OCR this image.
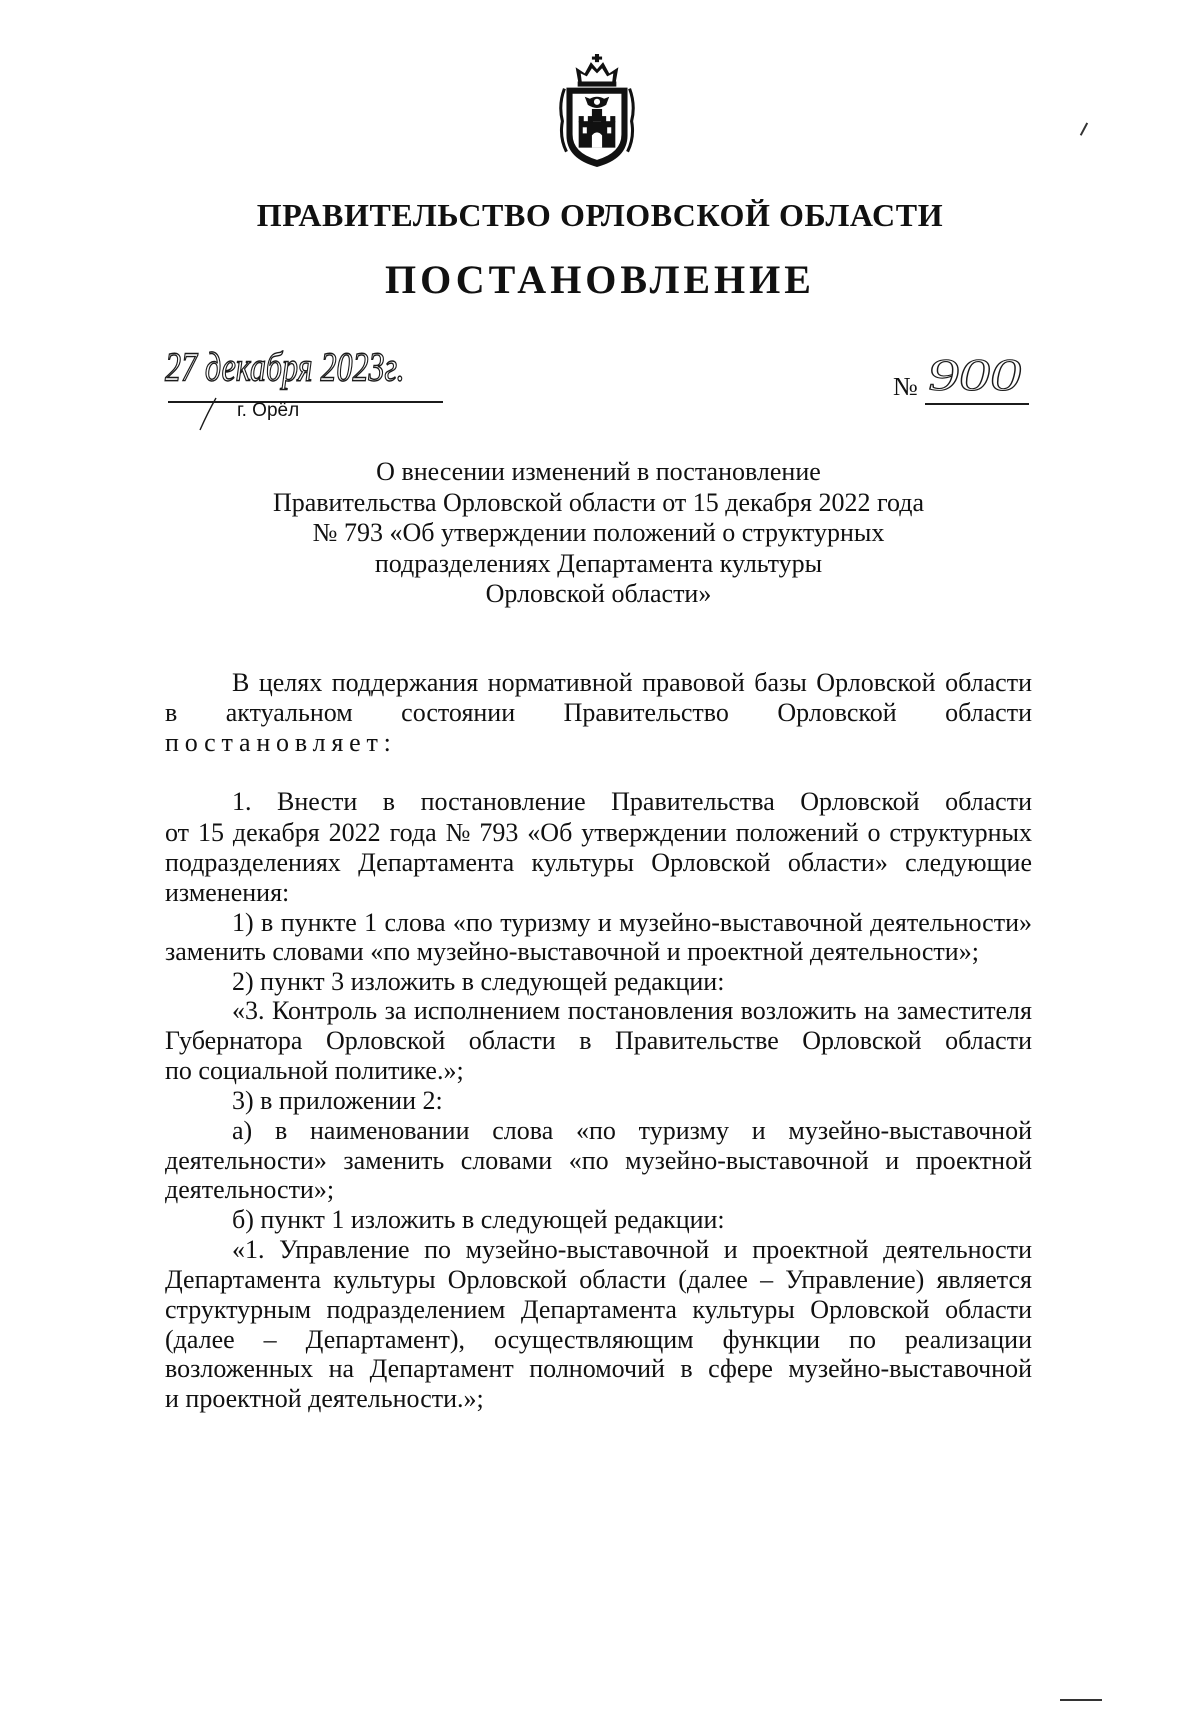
ПРАВИТЕЛЬСТВО ОРЛОВСКОЙ ОБЛАСТИ
ПОСТАНОВЛЕНИЕ
27 декабря 2023г.
г. Орёл
№ 900
О внесении изменений в постановление
Правительства Орловской области от 15 декабря 2022 года
№ 793 «Об утверждении положений о структурных
подразделениях Департамента культуры
Орловской области»
В целях поддержания нормативной правовой базы Орловской области
в актуальном состоянии Правительство Орловской области
постановляет:
1. Внести в постановление Правительства Орловской области
от 15 декабря 2022 года № 793 «Об утверждении положений о структурных
подразделениях Департамента культуры Орловской области» следующие
изменения:
1) в пункте 1 слова «по туризму и музейно-выставочной деятельности»
заменить словами «по музейно-выставочной и проектной деятельности»;
2) пункт 3 изложить в следующей редакции:
«3. Контроль за исполнением постановления возложить на заместителя
Губернатора Орловской области в Правительстве Орловской области
по социальной политике.»;
3) в приложении 2:
а) в наименовании слова «по туризму и музейно-выставочной
деятельности» заменить словами «по музейно-выставочной и проектной
деятельности»;
б) пункт 1 изложить в следующей редакции:
«1. Управление по музейно-выставочной и проектной деятельности
Департамента культуры Орловской области (далее – Управление) является
структурным подразделением Департамента культуры Орловской области
(далее – Департамент), осуществляющим функции по реализации
возложенных на Департамент полномочий в сфере музейно-выставочной
и проектной деятельности.»;
